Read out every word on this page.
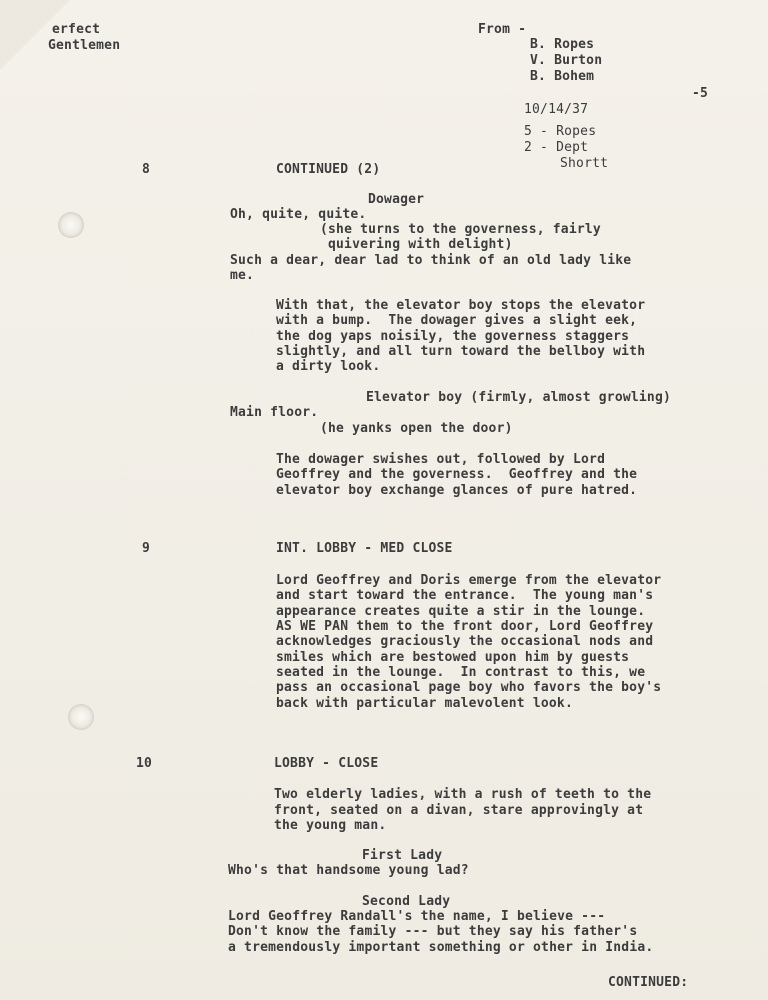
erfect
Gentlemen
From -
B. Ropes
V. Burton
B. Bohem
10/14/37
-5
5 - Ropes
2 - Dept
Shortt
8	CONTINUED (2)
Dowager
Oh, quite, quite.
(she turns to the governess, fairly
quivering with delight)
Such a dear, dear lad to think of an old lady like
me.
With that, the elevator boy stops the elevator
with a bump.  The dowager gives a slight eek,
the dog yaps noisily, the governess staggers
slightly, and all turn toward the bellboy with
a dirty look.
Elevator boy (firmly, almost growling)
Main floor.
(he yanks open the door)
The dowager swishes out, followed by Lord
Geoffrey and the governess.  Geoffrey and the
elevator boy exchange glances of pure hatred.
9	INT. LOBBY - MED CLOSE
Lord Geoffrey and Doris emerge from the elevator
and start toward the entrance.  The young man's
appearance creates quite a stir in the lounge.
AS WE PAN them to the front door, Lord Geoffrey
acknowledges graciously the occasional nods and
smiles which are bestowed upon him by guests
seated in the lounge.  In contrast to this, we
pass an occasional page boy who favors the boy's
back with particular malevolent look.
10	LOBBY - CLOSE
Two elderly ladies, with a rush of teeth to the
front, seated on a divan, stare approvingly at
the young man.
First Lady
Who's that handsome young lad?
Second Lady
Lord Geoffrey Randall's the name, I believe ---
Don't know the family --- but they say his father's
a tremendously important something or other in India.
CONTINUED:
